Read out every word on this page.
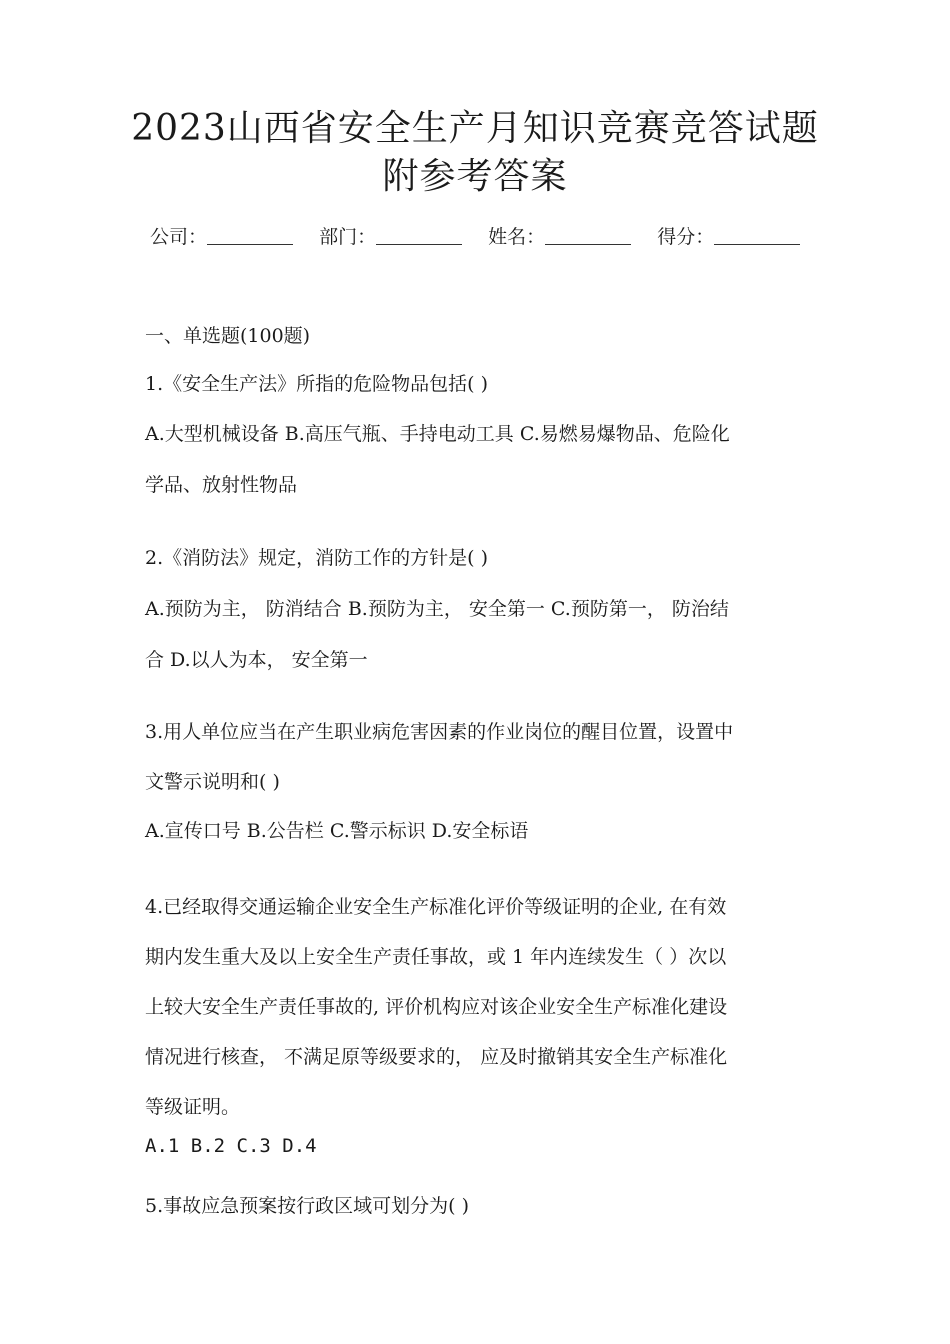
2023山西省安全生产月知识竞赛竞答试题
附参考答案
公司：	部门：	姓名：	得分：
一、单选题(100题)
1.《安全生产法》所指的危险物品包括( )
A.大型机械设备 B.高压气瓶、手持电动工具 C.易燃易爆物品、危险化
学品、放射性物品
2.《消防法》规定，消防工作的方针是( )
A.预防为主， 防消结合 B.预防为主， 安全第一 C.预防第一， 防治结
合 D.以人为本， 安全第一
3.用人单位应当在产生职业病危害因素的作业岗位的醒目位置，设置中
文警示说明和( )
A.宣传口号 B.公告栏 C.警示标识 D.安全标语
4.已经取得交通运输企业安全生产标准化评价等级证明的企业, 在有效
期内发生重大及以上安全生产责任事故，或 1 年内连续发生（ ）次以
上较大安全生产责任事故的, 评价机构应对该企业安全生产标准化建设
情况进行核查， 不满足原等级要求的， 应及时撤销其安全生产标准化
等级证明。
A.1 B.2 C.3 D.4
5.事故应急预案按行政区域可划分为( )
